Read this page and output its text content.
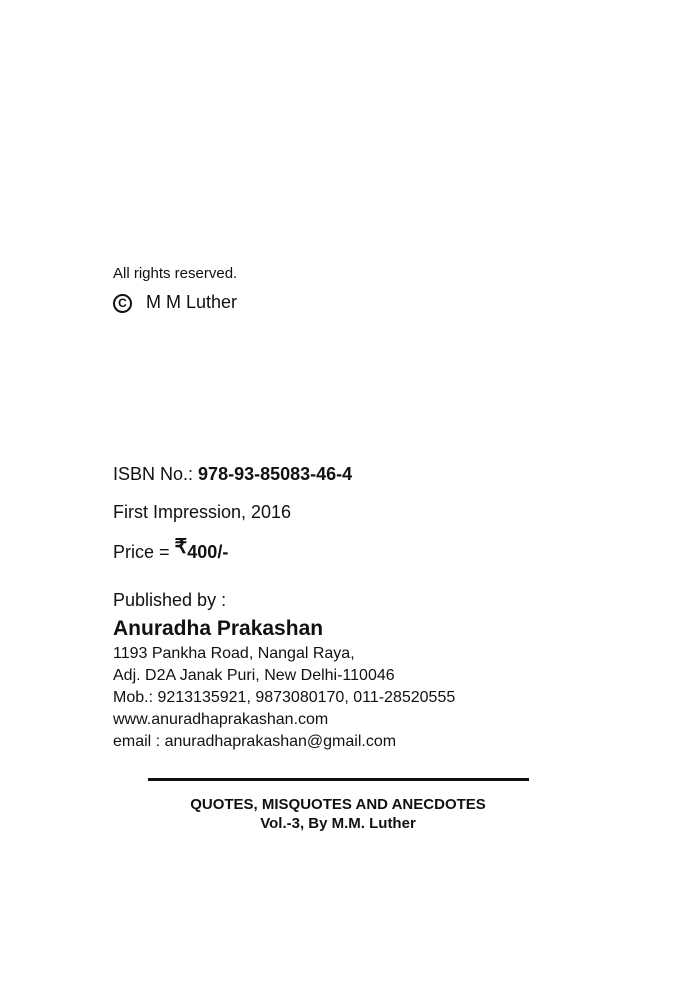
All rights reserved.
C M M Luther
ISBN No.: 978-93-85083-46-4
First Impression, 2016
Price = ₹400/-
Published by :
Anuradha Prakashan
1193 Pankha Road, Nangal Raya,
Adj. D2A Janak Puri, New Delhi-110046
Mob.: 9213135921, 9873080170, 011-28520555
www.anuradhaprakashan.com
email : anuradhaprakashan@gmail.com
QUOTES, MISQUOTES AND ANECDOTES
Vol.-3, By M.M. Luther
